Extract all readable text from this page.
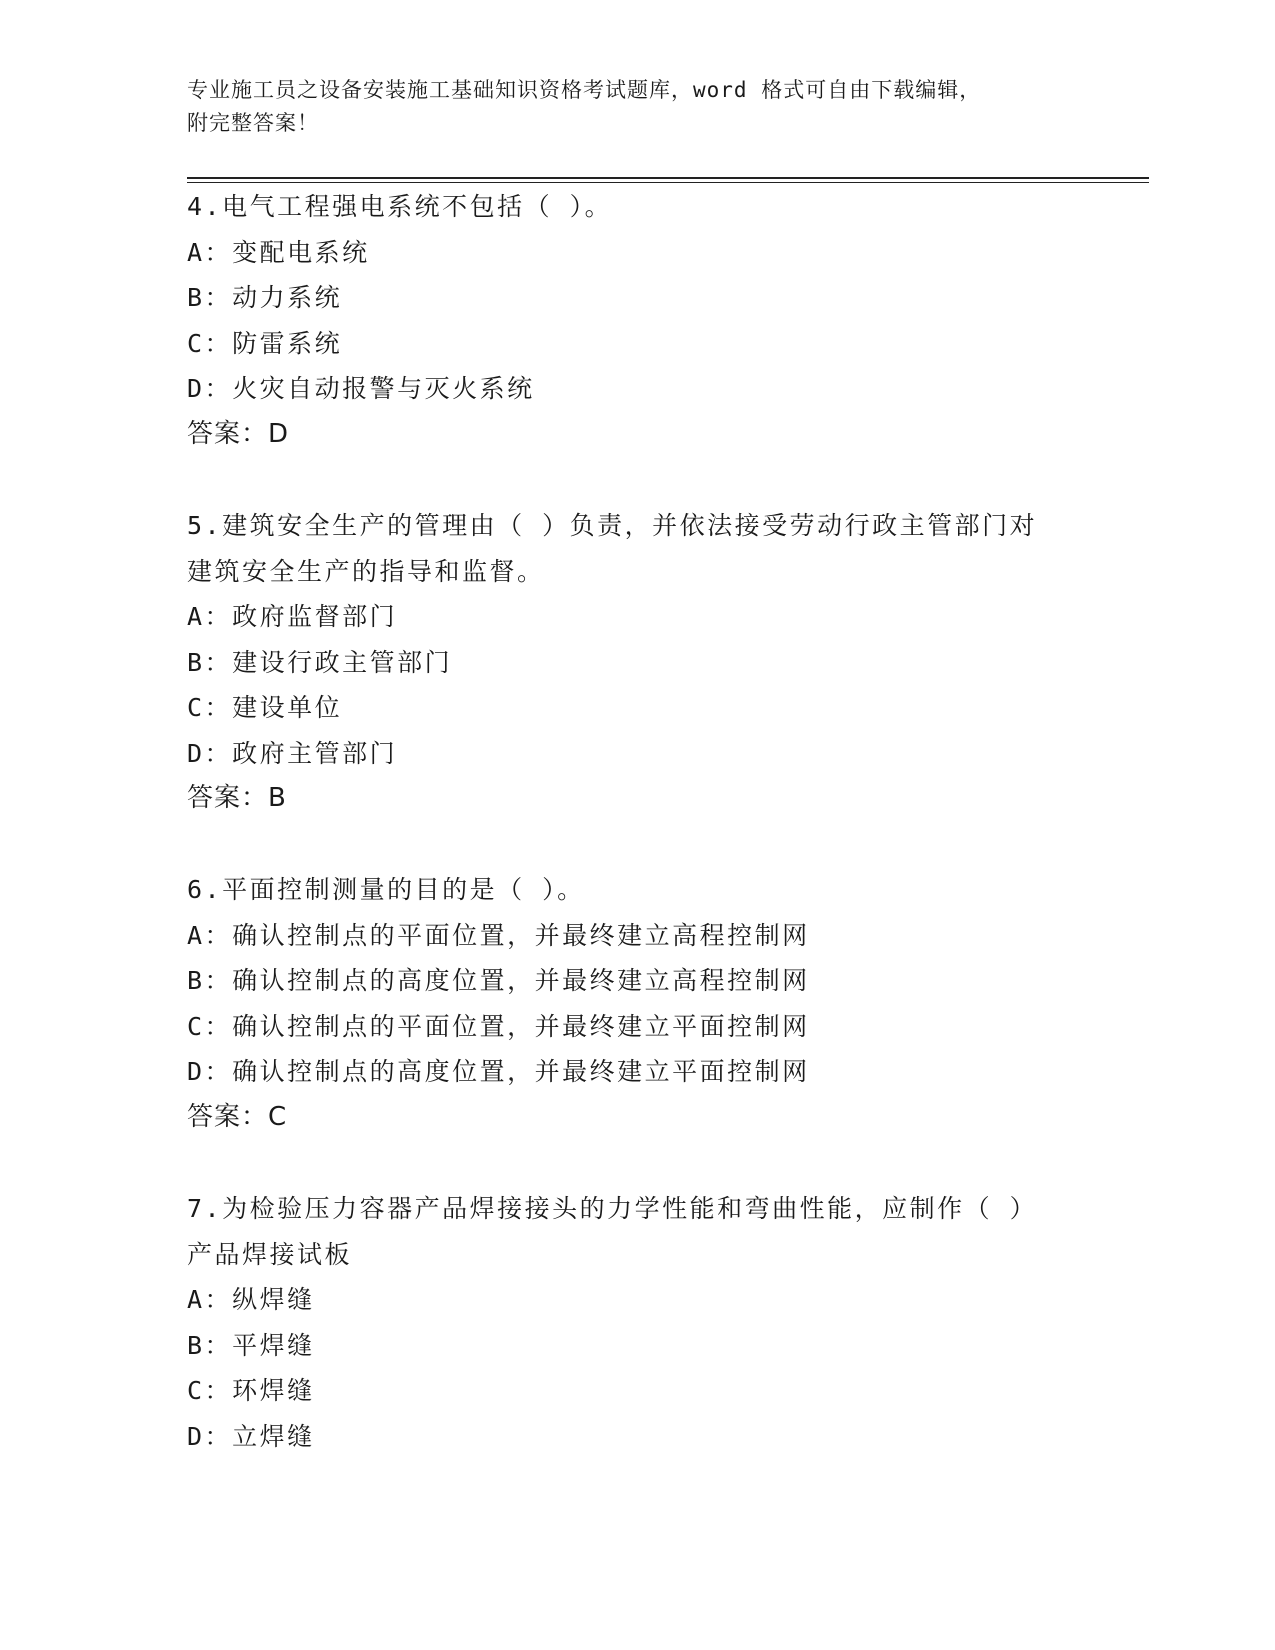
专业施工员之设备安装施工基础知识资格考试题库，word 格式可自由下载编辑，
附完整答案！
4.电气工程强电系统不包括（ ）。
A：变配电系统
B：动力系统
C：防雷系统
D：火灾自动报警与灭火系统
答案：D
5.建筑安全生产的管理由（ ）负责，并依法接受劳动行政主管部门对
建筑安全生产的指导和监督。
A：政府监督部门
B：建设行政主管部门
C：建设单位
D：政府主管部门
答案：B
6.平面控制测量的目的是（ ）。
A：确认控制点的平面位置，并最终建立高程控制网
B：确认控制点的高度位置，并最终建立高程控制网
C：确认控制点的平面位置，并最终建立平面控制网
D：确认控制点的高度位置，并最终建立平面控制网
答案：C
7.为检验压力容器产品焊接接头的力学性能和弯曲性能，应制作（ ）
产品焊接试板
A：纵焊缝
B：平焊缝
C：环焊缝
D：立焊缝
